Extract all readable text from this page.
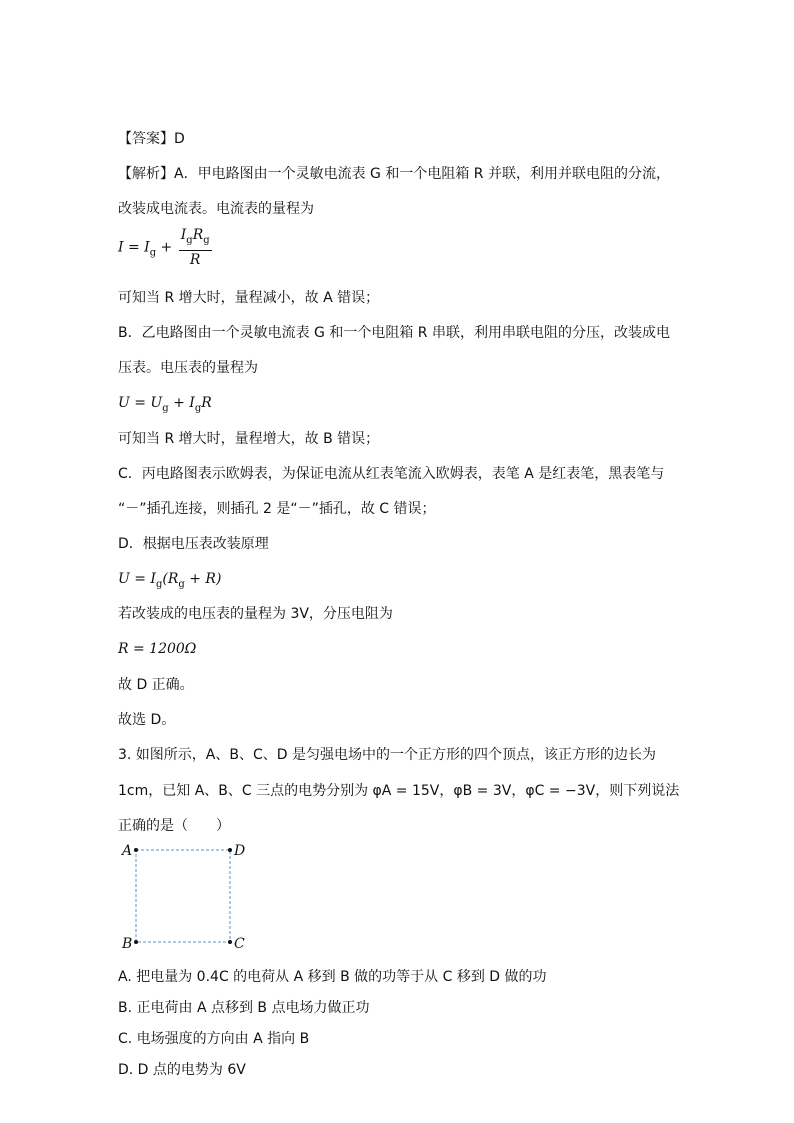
【答案】D
【解析】A．甲电路图由一个灵敏电流表 G 和一个电阻箱 R 并联，利用并联电阻的分流，
改装成电流表。电流表的量程为
$I = I_g + \frac{I_gR_g}{R}$
可知当 R 增大时，量程减小，故 A 错误；
B．乙电路图由一个灵敏电流表 G 和一个电阻箱 R 串联，利用串联电阻的分压，改装成电
压表。电压表的量程为
$U = U_g + I_gR$
可知当 R 增大时，量程增大，故 B 错误；
C．丙电路图表示欧姆表，为保证电流从红表笔流入欧姆表，表笔 A 是红表笔，黑表笔与
“－”插孔连接，则插孔 2 是“－”插孔，故 C 错误；
D．根据电压表改装原理
$U = I_g(R_g + R)$
若改装成的电压表的量程为 3V，分压电阻为
R = 1200Ω
故 D 正确。
故选 D。
3. 如图所示，A、B、C、D 是匀强电场中的一个正方形的四个顶点，该正方形的边长为
1cm，已知 A、B、C 三点的电势分别为 φA = 15V，φB = 3V，φC = −3V，则下列说法
正确的是（　　）
A	D
B	C
A. 把电量为 0.4C 的电荷从 A 移到 B 做的功等于从 C 移到 D 做的功
B. 正电荷由 A 点移到 B 点电场力做正功
C. 电场强度的方向由 A 指向 B
D. D 点的电势为 6V
